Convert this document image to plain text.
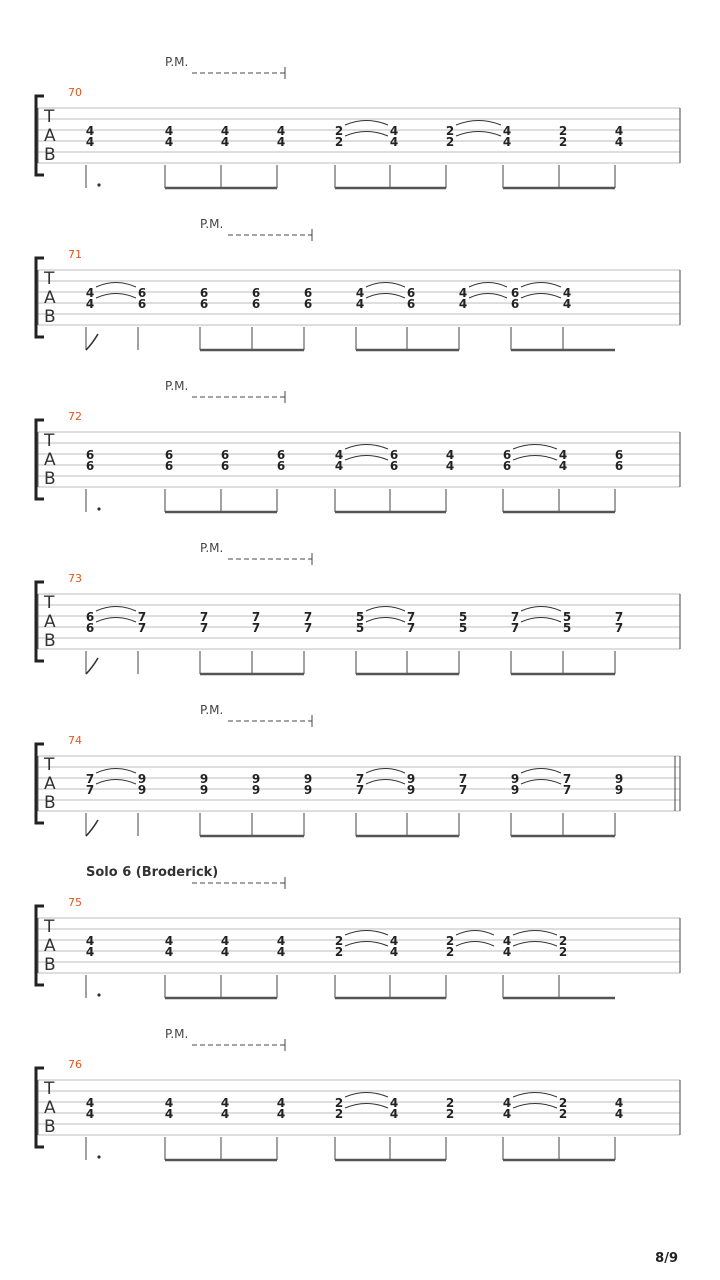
P.M.
70
T
A
B
4
4
4
4
4
4
4
4
2
2
4
4
2
2
4
4
2
2
4
4
P.M.
71
T
A
B
4
4
6
6
6
6
6
6
6
6
4
4
6
6
4
4
6
6
4
4
P.M.
72
T
A
B
6
6
6
6
6
6
6
6
4
4
6
6
4
4
6
6
4
4
6
6
P.M.
73
T
A
B
6
6
7
7
7
7
7
7
7
7
5
5
7
7
5
5
7
7
5
5
7
7
P.M.
74
T
A
B
7
7
9
9
9
9
9
9
9
9
7
7
9
9
7
7
9
9
7
7
9
9
Solo 6 (Broderick)
75
T
A
B
4
4
4
4
4
4
4
4
2
2
4
4
2
2
4
4
2
2
P.M.
76
T
A
B
4
4
4
4
4
4
4
4
2
2
4
4
2
2
4
4
2
2
4
4
8/9
